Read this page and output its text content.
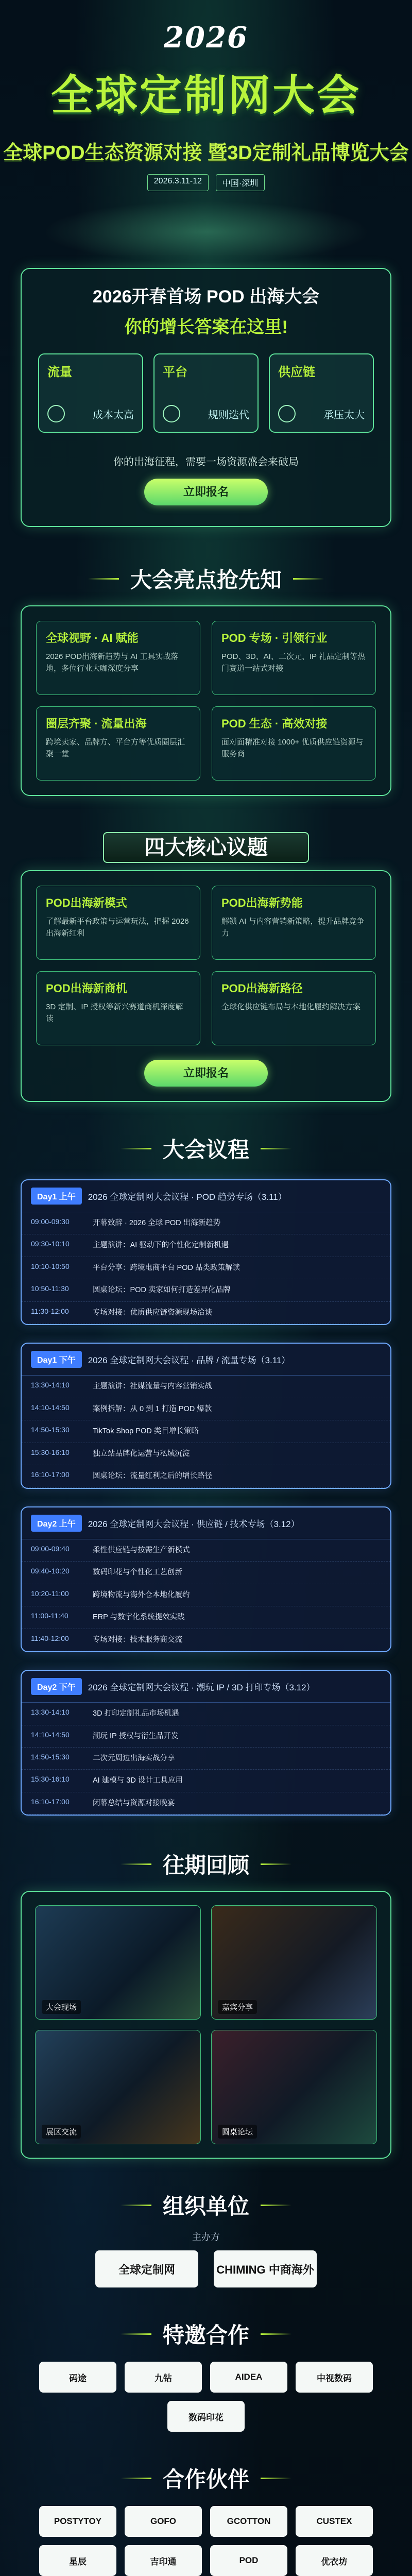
2026
全球定制网大会
全球POD生态资源对接 暨3D定制礼品博览大会
2026.3.11-12	中国·深圳
2026开春首场 POD 出海大会
你的增长答案在这里!
流量
成本太高
平台
规则迭代
供应链
承压太大
你的出海征程，需要一场资源盛会来破局
立即报名
大会亮点抢先知
全球视野 · AI 赋能
2026 POD出海新趋势与 AI 工具实战落地，多位行业大咖深度分享
POD 专场 · 引领行业
POD、3D、AI、二次元、IP 礼品定制等热门赛道一站式对接
圈层齐聚 · 流量出海
跨境卖家、品牌方、平台方等优质圈层汇聚一堂
POD 生态 · 高效对接
面对面精准对接 1000+ 优质供应链资源与服务商
四大核心议题
POD出海新模式
了解最新平台政策与运营玩法，把握 2026 出海新红利
POD出海新势能
解锁 AI 与内容营销新策略，提升品牌竞争力
POD出海新商机
3D 定制、IP 授权等新兴赛道商机深度解读
POD出海新路径
全球化供应链布局与本地化履约解决方案
立即报名
大会议程
Day1 上午	2026 全球定制网大会议程 · POD 趋势专场（3.11）
09:00-09:30	开幕致辞 · 2026 全球 POD 出海新趋势
09:30-10:10	主题演讲：AI 驱动下的个性化定制新机遇
10:10-10:50	平台分享：跨境电商平台 POD 品类政策解读
10:50-11:30	圆桌论坛：POD 卖家如何打造差异化品牌
11:30-12:00	专场对接：优质供应链资源现场洽谈
Day1 下午	2026 全球定制网大会议程 · 品牌 / 流量专场（3.11）
13:30-14:10	主题演讲：社媒流量与内容营销实战
14:10-14:50	案例拆解：从 0 到 1 打造 POD 爆款
14:50-15:30	TikTok Shop POD 类目增长策略
15:30-16:10	独立站品牌化运营与私域沉淀
16:10-17:00	圆桌论坛：流量红利之后的增长路径
Day2 上午	2026 全球定制网大会议程 · 供应链 / 技术专场（3.12）
09:00-09:40	柔性供应链与按需生产新模式
09:40-10:20	数码印花与个性化工艺创新
10:20-11:00	跨境物流与海外仓本地化履约
11:00-11:40	ERP 与数字化系统提效实践
11:40-12:00	专场对接：技术服务商交流
Day2 下午	2026 全球定制网大会议程 · 潮玩 IP / 3D 打印专场（3.12）
13:30-14:10	3D 打印定制礼品市场机遇
14:10-14:50	潮玩 IP 授权与衍生品开发
14:50-15:30	二次元周边出海实战分享
15:30-16:10	AI 建模与 3D 设计工具应用
16:10-17:00	闭幕总结与资源对接晚宴
往期回顾
大会现场	嘉宾分享
展区交流	圆桌论坛
组织单位
主办方
全球定制网	CHIMING 中商海外
特邀合作
码途	九钻	AIDEA	中视数码
数码印花
合作伙伴
POSTYTOY	GOFO	GCOTTON	CUSTEX
星辰	吉印通	POD	优衣坊
